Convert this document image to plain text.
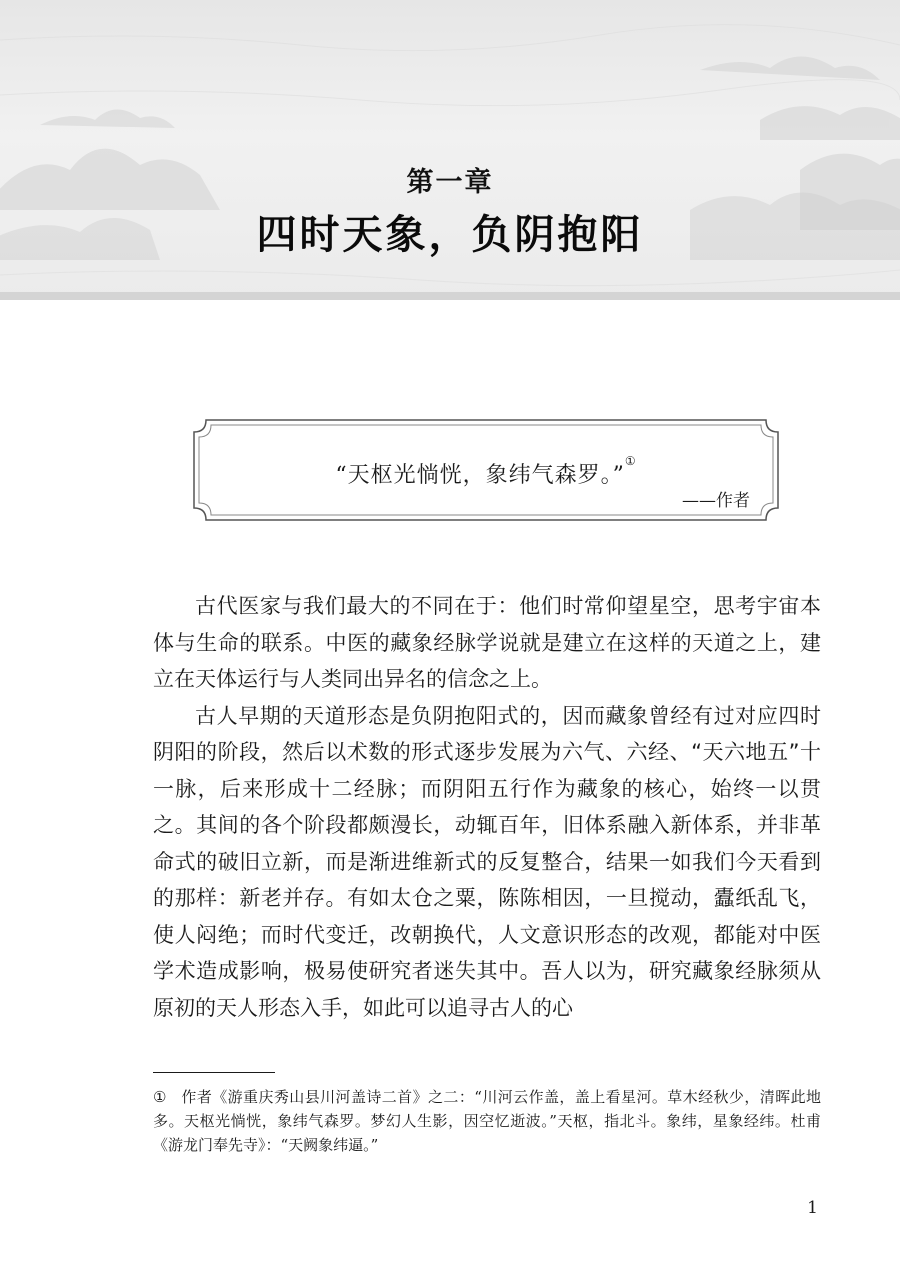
第一章
四时天象，负阴抱阳
“天枢光惝恍，象纬气森罗。”①
——作者

古代医家与我们最大的不同在于：他们时常仰望星空，思考宇宙本体与生命的联系。中医的藏象经脉学说就是建立在这样的天道之上，建立在天体运行与人类同出异名的信念之上。

古人早期的天道形态是负阴抱阳式的，因而藏象曾经有过对应四时阴阳的阶段，然后以术数的形式逐步发展为六气、六经、“天六地五”十一脉，后来形成十二经脉；而阴阳五行作为藏象的核心，始终一以贯之。其间的各个阶段都颇漫长，动辄百年，旧体系融入新体系，并非革命式的破旧立新，而是渐进维新式的反复整合，结果一如我们今天看到的那样：新老并存。有如太仓之粟，陈陈相因，一旦搅动，蠹纸乱飞，使人闷绝；而时代变迁，改朝换代，人文意识形态的改观，都能对中医学术造成影响，极易使研究者迷失其中。吾人以为，研究藏象经脉须从原初的天人形态入手，如此可以追寻古人的心

① 作者《游重庆秀山县川河盖诗二首》之二：“川河云作盖，盖上看星河。草木经秋少，清晖此地多。天枢光惝恍，象纬气森罗。梦幻人生影，因空忆逝波。”天枢，指北斗。象纬，星象经纬。杜甫《游龙门奉先寺》：“天阙象纬逼。”
1
